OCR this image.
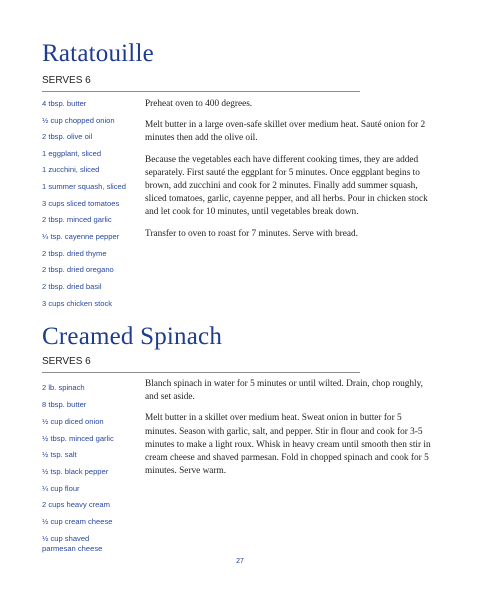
Ratatouille
SERVES 6
4 tbsp. butter
½ cup chopped onion
2 tbsp. olive oil
1 eggplant, sliced
1 zucchini, sliced
1 summer squash, sliced
3 cups sliced tomatoes
2 tbsp. minced garlic
¼ tsp. cayenne pepper
2 tbsp. dried thyme
2 tbsp. dried oregano
2 tbsp. dried basil
3 cups chicken stock

Preheat oven to 400 degrees.

Melt butter in a large oven-safe skillet over medium heat. Sauté onion for 2 minutes then add the olive oil.

Because the vegetables each have different cooking times, they are added separately. First sauté the eggplant for 5 minutes. Once eggplant begins to brown, add zucchini and cook for 2 minutes. Finally add summer squash, sliced tomatoes, garlic, cayenne pepper, and all herbs. Pour in chicken stock and let cook for 10 minutes, until vegetables break down.

Transfer to oven to roast for 7 minutes. Serve with bread.

Creamed Spinach
SERVES 6
2 lb. spinach
8 tbsp. butter
½ cup diced onion
½ tbsp. minced garlic
½ tsp. salt
½ tsp. black pepper
¼ cup flour
2 cups heavy cream
½ cup cream cheese
½ cup shaved parmesan cheese

Blanch spinach in water for 5 minutes or until wilted. Drain, chop roughly, and set aside.

Melt butter in a skillet over medium heat. Sweat onion in butter for 5 minutes. Season with garlic, salt, and pepper. Stir in flour and cook for 3-5 minutes to make a light roux. Whisk in heavy cream until smooth then stir in cream cheese and shaved parmesan. Fold in chopped spinach and cook for 5 minutes. Serve warm.

27
